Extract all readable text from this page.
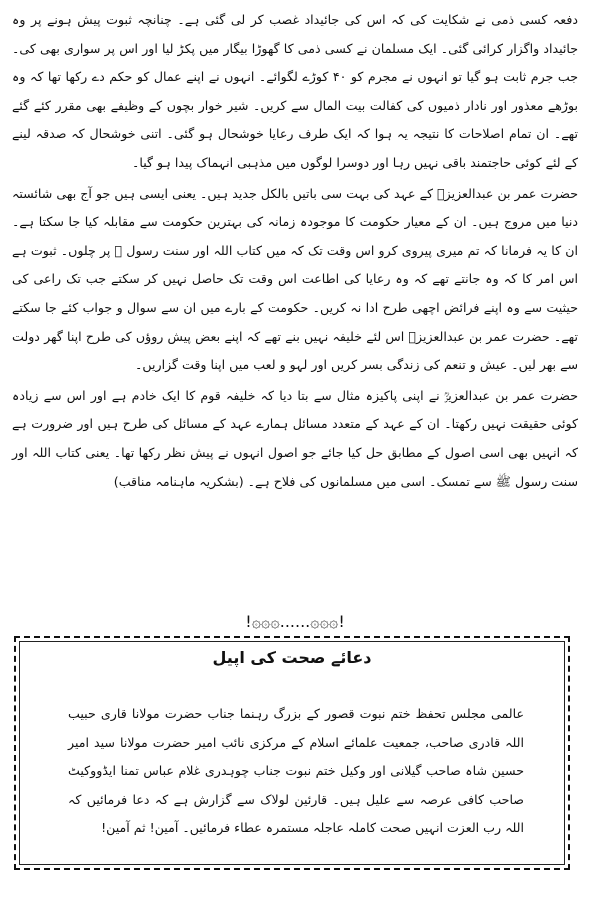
دفعہ کسی ذمی نے شکایت کی کہ اس کی جائیداد غصب کر لی گئی ہے۔ چنانچہ ثبوت پیش ہونے پر وہ جائیداد واگزار کرائی گئی۔ ایک مسلمان نے کسی ذمی کا گھوڑا بیگار میں پکڑ لیا اور اس پر سواری بھی کی۔ جب جرم ثابت ہو گیا تو انہوں نے مجرم کو ۴۰ کوڑے لگوائے۔ انہوں نے اپنے عمال کو حکم دے رکھا تھا کہ وہ بوڑھے معذور اور نادار ذمیوں کی کفالت بیت المال سے کریں۔ شیر خوار بچوں کے وظیفے بھی مقرر کئے گئے تھے۔ ان تمام اصلاحات کا نتیجہ یہ ہوا کہ ایک طرف رعایا خوشحال ہو گئی۔ اتنی خوشحال کہ صدقہ لینے کے لئے کوئی حاجتمند باقی نہیں رہا اور دوسرا لوگوں میں مذہبی انہماک پیدا ہو گیا۔

حضرت عمر بن عبدالعزیزؒ کے عہد کی بہت سی باتیں بالکل جدید ہیں۔ یعنی ایسی ہیں جو آج بھی شائستہ دنیا میں مروج ہیں۔ ان کے معیار حکومت کا موجودہ زمانہ کی بہترین حکومت سے مقابلہ کیا جا سکتا ہے۔ ان کا یہ فرمانا کہ تم میری پیروی کرو اس وقت تک کہ میں کتاب اللہ اور سنت رسول ﷺ پر چلوں۔ ثبوت ہے اس امر کا کہ وہ جانتے تھے کہ وہ رعایا کی اطاعت اس وقت تک حاصل نہیں کر سکتے جب تک راعی کی حیثیت سے وہ اپنے فرائض اچھی طرح ادا نہ کریں۔ حکومت کے بارے میں ان سے سوال و جواب کئے جا سکتے تھے۔ حضرت عمر بن عبدالعزیزؒ اس لئے خلیفہ نہیں بنے تھے کہ اپنے بعض پیش روؤں کی طرح اپنا گھر دولت سے بھر لیں۔ عیش و تنعم کی زندگی بسر کریں اور لہو و لعب میں اپنا وقت گزاریں۔

حضرت عمر بن عبدالعزیزؒ نے اپنی پاکیزہ مثال سے بتا دیا کہ خلیفہ قوم کا ایک خادم ہے اور اس سے زیادہ کوئی حقیقت نہیں رکھتا۔ ان کے عہد کے متعدد مسائل ہمارے عہد کے مسائل کی طرح ہیں اور ضرورت ہے کہ انہیں بھی اسی اصول کے مطابق حل کیا جائے جو اصول انہوں نے پیش نظر رکھا تھا۔ یعنی کتاب اللہ اور سنت رسول ﷺ سے تمسک۔ اسی میں مسلمانوں کی فلاح ہے۔ (بشکریہ ماہنامہ مناقب)

!۞۞۞......۞۞۞!
دعائے صحت کی اپیل

عالمی مجلس تحفظ ختم نبوت قصور کے بزرگ رہنما جناب حضرت مولانا قاری حبیب اللہ قادری صاحب، جمعیت علمائے اسلام کے مرکزی نائب امیر حضرت مولانا سید امیر حسین شاہ صاحب گیلانی اور وکیل ختم نبوت جناب چوہدری غلام عباس تمنا ایڈووکیٹ صاحب کافی عرصہ سے علیل ہیں۔ قارئین لولاک سے گزارش ہے کہ دعا فرمائیں کہ اللہ رب العزت انہیں صحت کاملہ عاجلہ مستمرہ عطاء فرمائیں۔ آمین! ثم آمین!
